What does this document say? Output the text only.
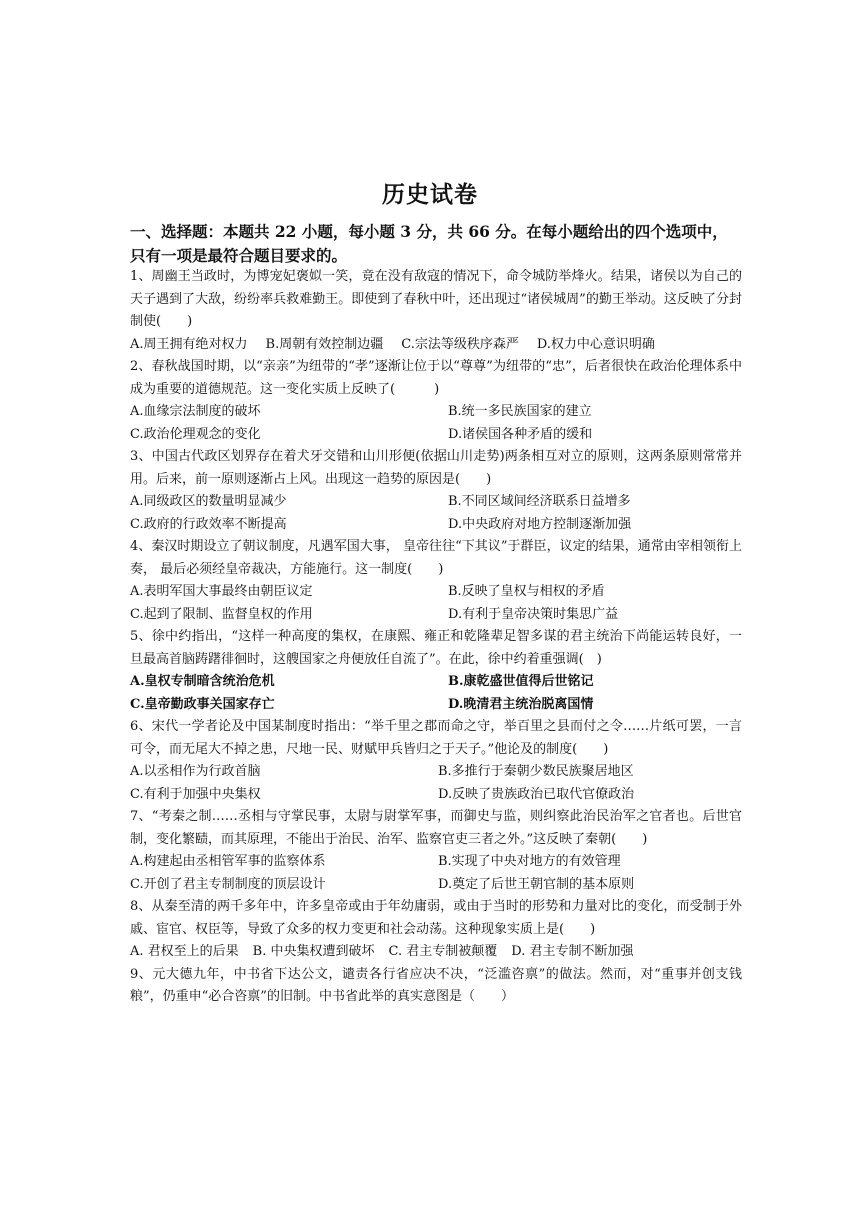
历史试卷
一、选择题：本题共 22 小题，每小题 3 分，共 66 分。在每小题给出的四个选项中，只有一项是最符合题目要求的。

1、周幽王当政时，为博宠妃褒姒一笑，竟在没有敌寇的情况下，命令城防举烽火。结果，诸侯以为自己的天子遇到了大敌，纷纷率兵救难勤王。即使到了春秋中叶，还出现过“诸侯城周”的勤王举动。这反映了分封制使(　　)

A.周王拥有绝对权力 B.周朝有效控制边疆 C.宗法等级秩序森严 D.权力中心意识明确

2、春秋战国时期，以“亲亲”为纽带的“孝”逐渐让位于以“尊尊”为纽带的“忠”，后者很快在政治伦理体系中成为重要的道德规范。这一变化实质上反映了(　　　)

A.血缘宗法制度的破坏	B.统一多民族国家的建立
C.政治伦理观念的变化	D.诸侯国各种矛盾的缓和

3、中国古代政区划界存在着犬牙交错和山川形便(依据山川走势)两条相互对立的原则，这两条原则常常并用。后来，前一原则逐渐占上风。出现这一趋势的原因是(　　)

A.同级政区的数量明显减少	B.不同区域间经济联系日益增多
C.政府的行政效率不断提高	D.中央政府对地方控制逐渐加强

4、秦汉时期设立了朝议制度，凡遇军国大事， 皇帝往往“下其议”于群臣，议定的结果，通常由宰相领衔上奏， 最后必须经皇帝裁决，方能施行。这一制度(　　)

A.表明军国大事最终由朝臣议定	B.反映了皇权与相权的矛盾
C.起到了限制、监督皇权的作用	D.有利于皇帝决策时集思广益

5、徐中约指出，“这样一种高度的集权，在康熙、雍正和乾隆辈足智多谋的君主统治下尚能运转良好，一旦最高首脑踌躇徘徊时，这艘国家之舟便放任自流了”。在此，徐中约着重强调(　)

A.皇权专制暗含统治危机	B.康乾盛世值得后世铭记
C.皇帝勤政事关国家存亡	D.晚清君主统治脱离国情

6、宋代一学者论及中国某制度时指出：“举千里之郡而命之守，举百里之县而付之令……片纸可罢，一言可令，而无尾大不掉之患，尺地一民、财赋甲兵皆归之于天子。”他论及的制度(　　)

A.以丞相作为行政首脑	B.多推行于秦朝少数民族聚居地区
C.有利于加强中央集权	D.反映了贵族政治已取代官僚政治

7、“考秦之制……丞相与守掌民事，太尉与尉掌军事，而御史与监，则纠察此治民治军之官者也。后世官制，变化繁赜，而其原理，不能出于治民、治军、监察官吏三者之外。”这反映了秦朝(　　)

A.构建起由丞相管军事的监察体系	B.实现了中央对地方的有效管理
C.开创了君主专制制度的顶层设计	D.奠定了后世王朝官制的基本原则

8、从秦至清的两千多年中，许多皇帝或由于年幼庸弱，或由于当时的形势和力量对比的变化，而受制于外戚、宦官、权臣等，导致了众多的权力变更和社会动荡。这种现象实质上是(　　)

A. 君权至上的后果 B. 中央集权遭到破坏 C. 君主专制被颠覆 D. 君主专制不断加强

9、元大德九年，中书省下达公文，谴责各行省应决不决，“泛滥咨禀”的做法。然而，对“重事并创支钱粮”，仍重申“必合咨禀”的旧制。中书省此举的真实意图是（　　）
